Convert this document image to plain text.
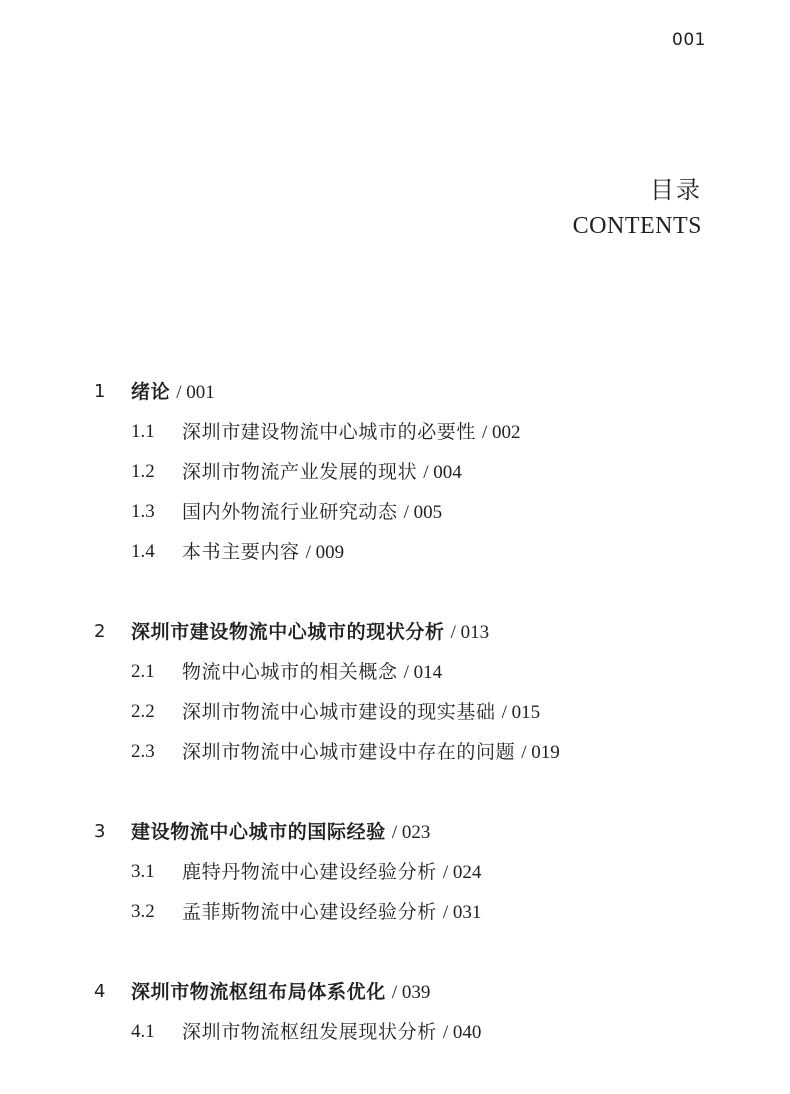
001
目录
CONTENTS
1 绪论 / 001
1.1 深圳市建设物流中心城市的必要性 / 002
1.2 深圳市物流产业发展的现状 / 004
1.3 国内外物流行业研究动态 / 005
1.4 本书主要内容 / 009
2 深圳市建设物流中心城市的现状分析 / 013
2.1 物流中心城市的相关概念 / 014
2.2 深圳市物流中心城市建设的现实基础 / 015
2.3 深圳市物流中心城市建设中存在的问题 / 019
3 建设物流中心城市的国际经验 / 023
3.1 鹿特丹物流中心建设经验分析 / 024
3.2 孟菲斯物流中心建设经验分析 / 031
4 深圳市物流枢纽布局体系优化 / 039
4.1 深圳市物流枢纽发展现状分析 / 040
